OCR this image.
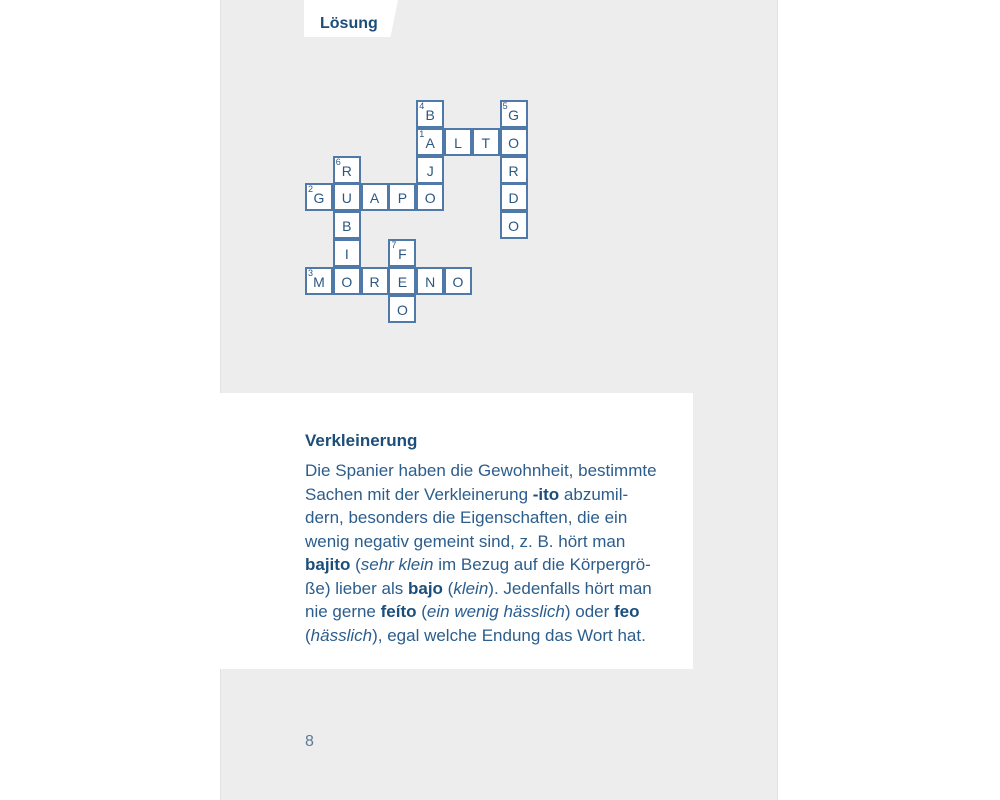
Lösung
4
B
5
G
1
A	L	T	O
6
R	J	R
2
G	U	A	P	O	D
B	O
I
7
F
3
M	O	R	E	N	O
O
Verkleinerung
Die Spanier haben die Gewohnheit, bestimmte
Sachen mit der Verkleinerung -ito abzumil-
dern, besonders die Eigenschaften, die ein
wenig negativ gemeint sind, z. B. hört man
bajito (sehr klein im Bezug auf die Körpergrö-
ße) lieber als bajo (klein). Jedenfalls hört man
nie gerne feíto (ein wenig hässlich) oder feo
(hässlich), egal welche Endung das Wort hat.
8
